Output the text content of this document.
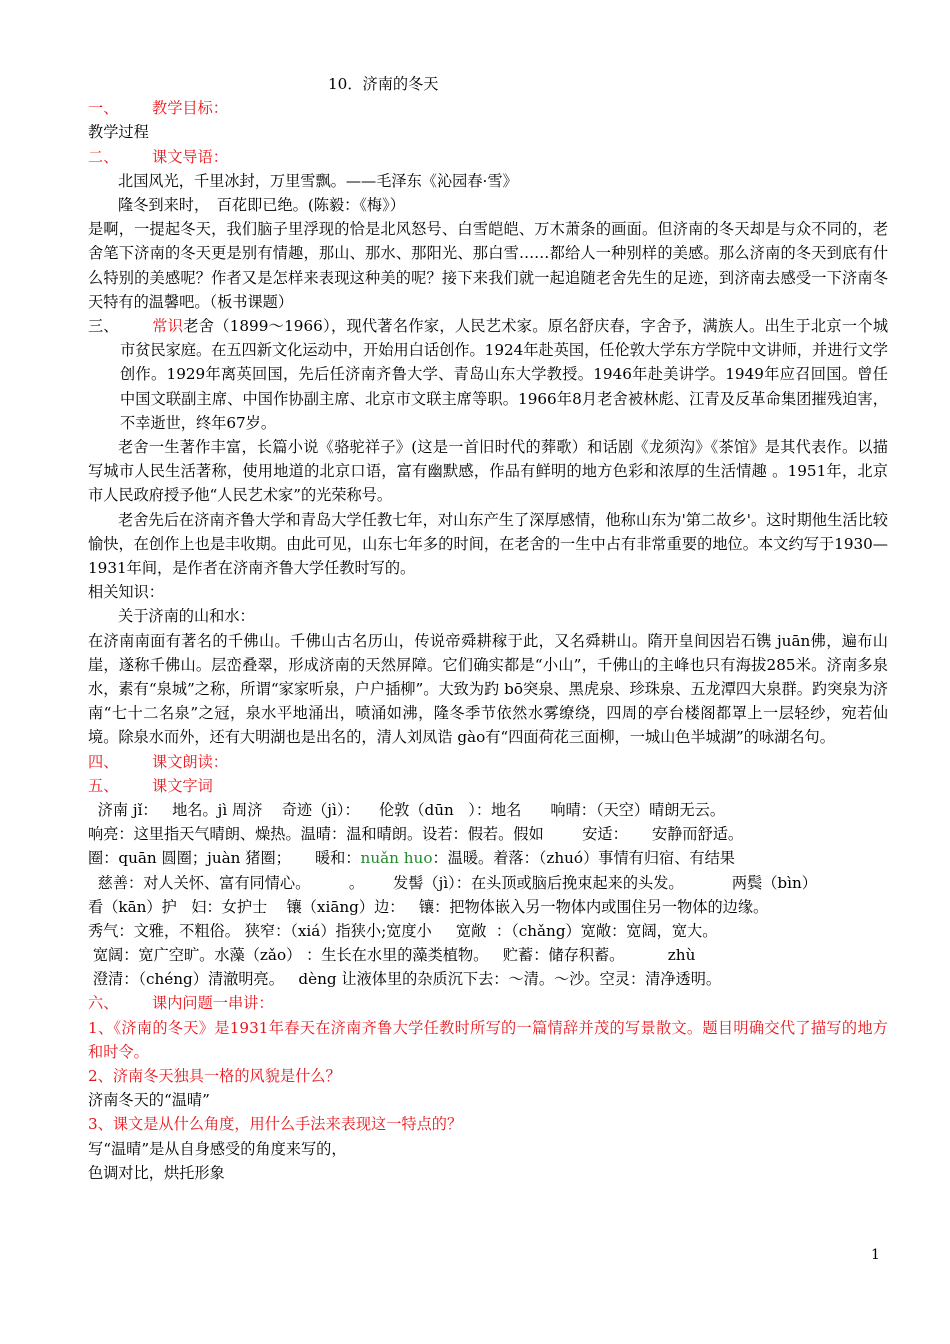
10．济南的冬天
一、 教学目标：
教学过程
二、 课文导语：
北国风光，千里冰封，万里雪飘。——毛泽东《沁园春·雪》
隆冬到来时，　百花即已绝。(陈毅：《梅》）
是啊，一提起冬天，我们脑子里浮现的恰是北风怒号、白雪皑皑、万木萧条的画面。但济南的冬天却是与众不同的，老舍笔下济南的冬天更是别有情趣，那山、那水、那阳光、那白雪……都给人一种别样的美感。那么济南的冬天到底有什么特别的美感呢？作者又是怎样来表现这种美的呢？接下来我们就一起追随老舍先生的足迹，到济南去感受一下济南冬天特有的温馨吧。（板书课题）
三、 常识老舍（1899～1966），现代著名作家，人民艺术家。原名舒庆春，字舍予，满族人。出生于北京一个城市贫民家庭。在五四新文化运动中，开始用白话创作。1924年赴英国，任伦敦大学东方学院中文讲师，并进行文学创作。1929年离英回国，先后任济南齐鲁大学、青岛山东大学教授。1946年赴美讲学。1949年应召回国。曾任中国文联副主席、中国作协副主席、北京市文联主席等职。1966年8月老舍被林彪、江青及反革命集团摧残迫害，不幸逝世，终年67岁。
老舍一生著作丰富，长篇小说《骆驼祥子》(这是一首旧时代的葬歌）和话剧《龙须沟》《茶馆》是其代表作。以描写城市人民生活著称，使用地道的北京口语，富有幽默感，作品有鲜明的地方色彩和浓厚的生活情趣 。1951年，北京市人民政府授予他“人民艺术家”的光荣称号。
老舍先后在济南齐鲁大学和青岛大学任教七年，对山东产生了深厚感情，他称山东为'第二故乡'。这时期他生活比较愉快，在创作上也是丰收期。由此可见，山东七年多的时间，在老舍的一生中占有非常重要的地位。本文约写于1930—1931年间，是作者在济南齐鲁大学任教时写的。
相关知识：
关于济南的山和水：
在济南南面有著名的千佛山。千佛山古名历山，传说帝舜耕稼于此，又名舜耕山。隋开皇间因岩石镌 juān佛，遍布山崖，遂称千佛山。层峦叠翠，形成济南的天然屏障。它们确实都是“小山”，千佛山的主峰也只有海拔285米。济南多泉水，素有“泉城”之称，所谓“家家听泉，户户插柳”。大致为趵 bō突泉、黑虎泉、珍珠泉、五龙潭四大泉群。趵突泉为济南“七十二名泉”之冠，泉水平地涌出，喷涌如沸，隆冬季节依然水雾缭绕，四周的亭台楼阁都罩上一层轻纱，宛若仙境。除泉水而外，还有大明湖也是出名的，清人刘凤诰 gào有“四面荷花三面柳，一城山色半城湖”的咏湖名句。
四、 课文朗读：
五、 课文字词
济南 jǐ：   地名。jì 周济    奇迹（jì）：    伦敦（dūn   ）：地名      响晴：（天空）晴朗无云。
响亮：这里指天气晴朗、燥热。温晴：温和晴朗。设若：假若。假如        安适：     安静而舒适。
圈：quān 圆圈；juàn 猪圈；     暖和：nuǎn huo：温暖。着落：（zhuó）事情有归宿、有结果
慈善：对人关怀、富有同情心。        。      发髻（jì）：在头顶或脑后挽束起来的头发。          两鬓（bìn）
看（kān）护   妇：女护士    镶（xiāng）边：   镶：把物体嵌入另一物体内或围住另一物体的边缘。
秀气：文雅，不粗俗。 狭窄：（xiá）指狭小;宽度小     宽敞  ：（chǎng）宽敞：宽阔，宽大。
宽阔：宽广空旷。水藻（zǎo） ：生长在水里的藻类植物。   贮蓄：储存积蓄。         zhù
澄清：（chéng）清澈明亮。   dèng 让液体里的杂质沉下去：～清。～沙。空灵：清净透明。
六、 课内问题一串讲：
1、《济南的冬天》是1931年春天在济南齐鲁大学任教时所写的一篇情辞并茂的写景散文。题目明确交代了描写的地方和时令。
2、济南冬天独具一格的风貌是什么？
济南冬天的“温晴”
3、课文是从什么角度，用什么手法来表现这一特点的？
写“温晴”是从自身感受的角度来写的，
色调对比，烘托形象
1
